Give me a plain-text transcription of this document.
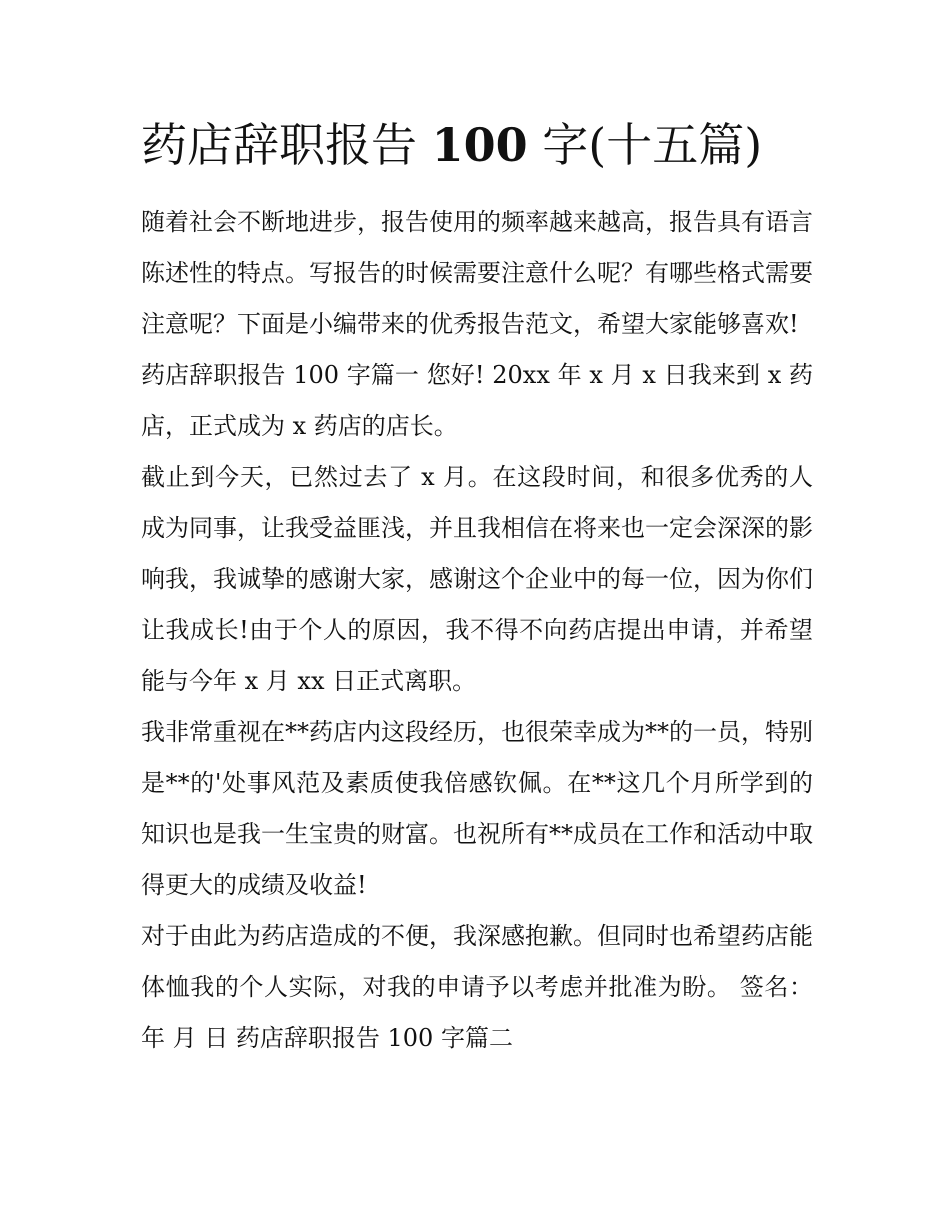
药店辞职报告 100 字(十五篇)

随着社会不断地进步，报告使用的频率越来越高，报告具有语言陈述性的特点。写报告的时候需要注意什么呢？有哪些格式需要注意呢？下面是小编带来的优秀报告范文，希望大家能够喜欢!

药店辞职报告 100 字篇一 您好! 20xx 年 x 月 x 日我来到 x 药店，正式成为 x 药店的店长。

截止到今天，已然过去了 x 月。在这段时间，和很多优秀的人成为同事，让我受益匪浅，并且我相信在将来也一定会深深的影响我，我诚挚的感谢大家，感谢这个企业中的每一位，因为你们让我成长!由于个人的原因，我不得不向药店提出申请，并希望能与今年 x 月 xx 日正式离职。

我非常重视在**药店内这段经历，也很荣幸成为**的一员，特别是**的'处事风范及素质使我倍感钦佩。在**这几个月所学到的知识也是我一生宝贵的财富。也祝所有**成员在工作和活动中取得更大的成绩及收益!

对于由此为药店造成的不便，我深感抱歉。但同时也希望药店能体恤我的个人实际，对我的申请予以考虑并批准为盼。 签名： 年 月 日 药店辞职报告 100 字篇二
